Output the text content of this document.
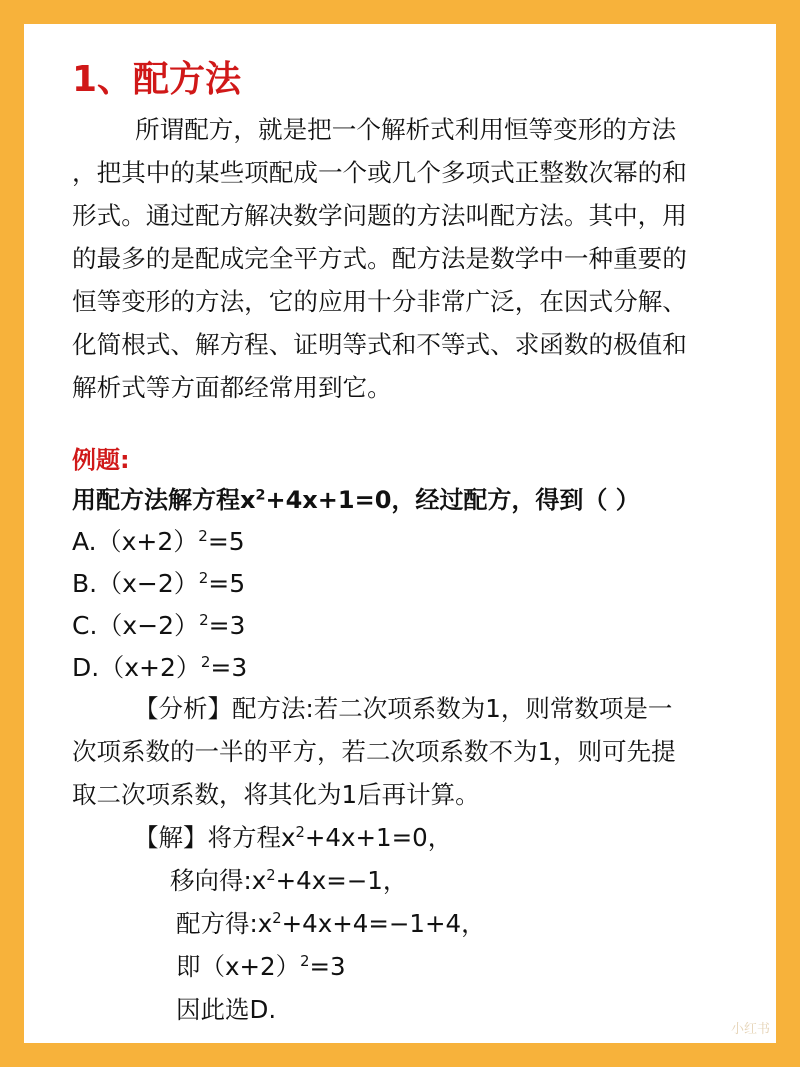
1、配方法
所谓配方，就是把一个解析式利用恒等变形的方法
，把其中的某些项配成一个或几个多项式正整数次幂的和
形式。通过配方解决数学问题的方法叫配方法。其中，用
的最多的是配成完全平方式。配方法是数学中一种重要的
恒等变形的方法，它的应用十分非常广泛，在因式分解、
化简根式、解方程、证明等式和不等式、求函数的极值和
解析式等方面都经常用到它。
例题:
用配方法解方程$x^2+4x+1=0$，经过配方，得到（ ）
$A.(x+2)^2=5$
$B.(x-2)^2=5$
$C.(x-2)^2=3$
$D.(x+2)^2=3$
【分析】配方法:若二次项系数为1，则常数项是一
次项系数的一半的平方，若二次项系数不为1，则可先提
取二次项系数，将其化为1后再计算。
【解】将方程$x^2+4x+1=0$，
移向得$:x^2+4x=-1$，
配方得$:x^2+4x+4=-1+4$，
即$(x+2)^2=3$
因此选D.
小红书
